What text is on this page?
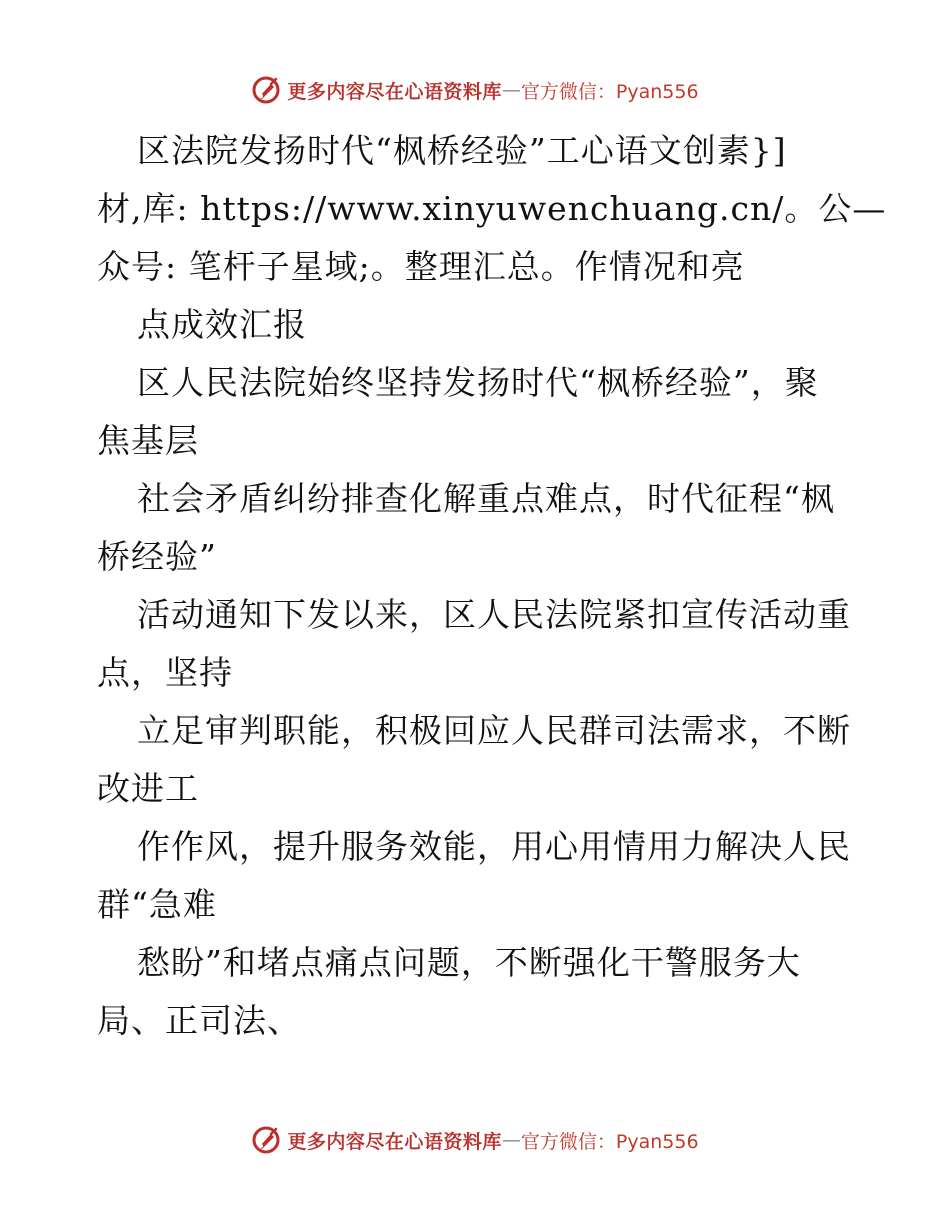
更多内容尽在心语资料库 — 官方微信：Pyan556
区法院发扬时代“枫桥经验”工心语文创素}]
材,库: https://www.xinyuwenchuang.cn/。公—
众号: 笔杆子星域;。整理汇总。作情况和亮
点成效汇报
区人民法院始终坚持发扬时代“枫桥经验”，聚
焦基层
社会矛盾纠纷排查化解重点难点，时代征程“枫
桥经验”
活动通知下发以来，区人民法院紧扣宣传活动重
点，坚持
立足审判职能，积极回应人民群司法需求，不断
改进工
作作风，提升服务效能，用心用情用力解决人民
群“急难
愁盼”和堵点痛点问题，不断强化干警服务大
局、正司法、
更多内容尽在心语资料库 — 官方微信：Pyan556
